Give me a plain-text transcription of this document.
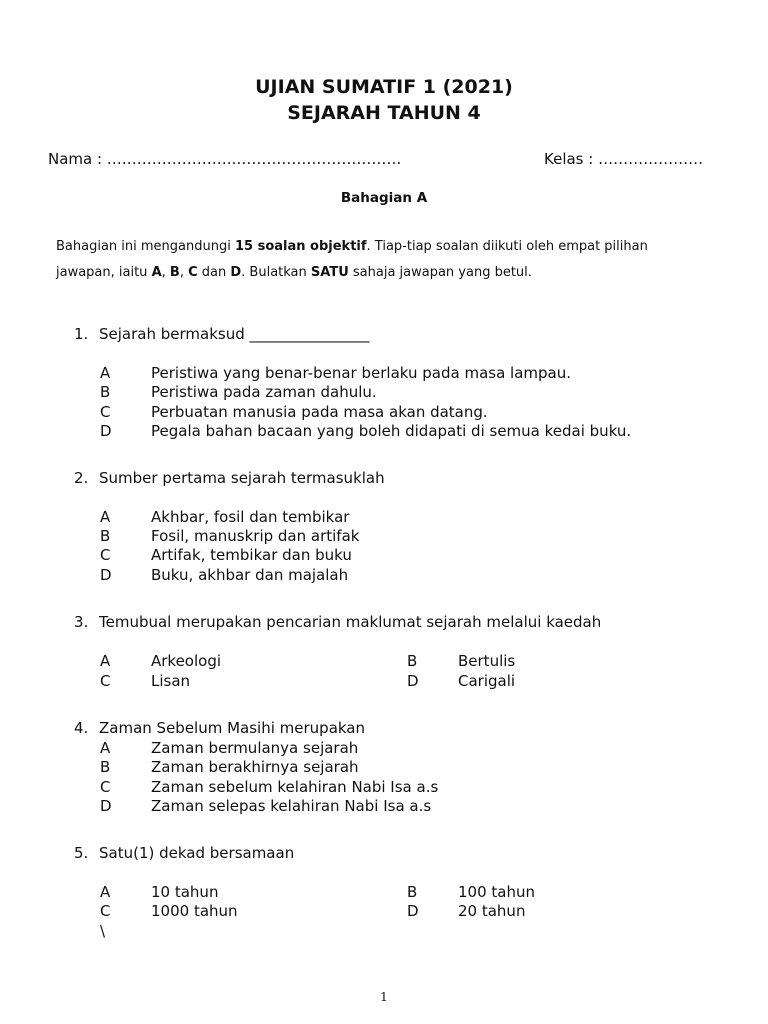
UJIAN SUMATIF 1 (2021)
SEJARAH TAHUN 4
Nama : ……………………..……………………………	Kelas : …………………
Bahagian A
Bahagian ini mengandungi 15 soalan objektif. Tiap-tiap soalan diikuti oleh empat pilihan
jawapan, iaitu A, B, C dan D. Bulatkan SATU sahaja jawapan yang betul.
1. Sejarah bermaksud ________________
A	Peristiwa yang benar-benar berlaku pada masa lampau.
B	Peristiwa pada zaman dahulu.
C	Perbuatan manusia pada masa akan datang.
D	Pegala bahan bacaan yang boleh didapati di semua kedai buku.
2. Sumber pertama sejarah termasuklah
A	Akhbar, fosil dan tembikar
B	Fosil, manuskrip dan artifak
C	Artifak, tembikar dan buku
D	Buku, akhbar dan majalah
3. Temubual merupakan pencarian maklumat sejarah melalui kaedah
A	Arkeologi	B	Bertulis
C	Lisan	D	Carigali
4. Zaman Sebelum Masihi merupakan
A	Zaman bermulanya sejarah
B	Zaman berakhirnya sejarah
C	Zaman sebelum kelahiran Nabi Isa a.s
D	Zaman selepas kelahiran Nabi Isa a.s
5. Satu(1) dekad bersamaan
A	10 tahun	B	100 tahun
C	1000 tahun	D	20 tahun
\
1
